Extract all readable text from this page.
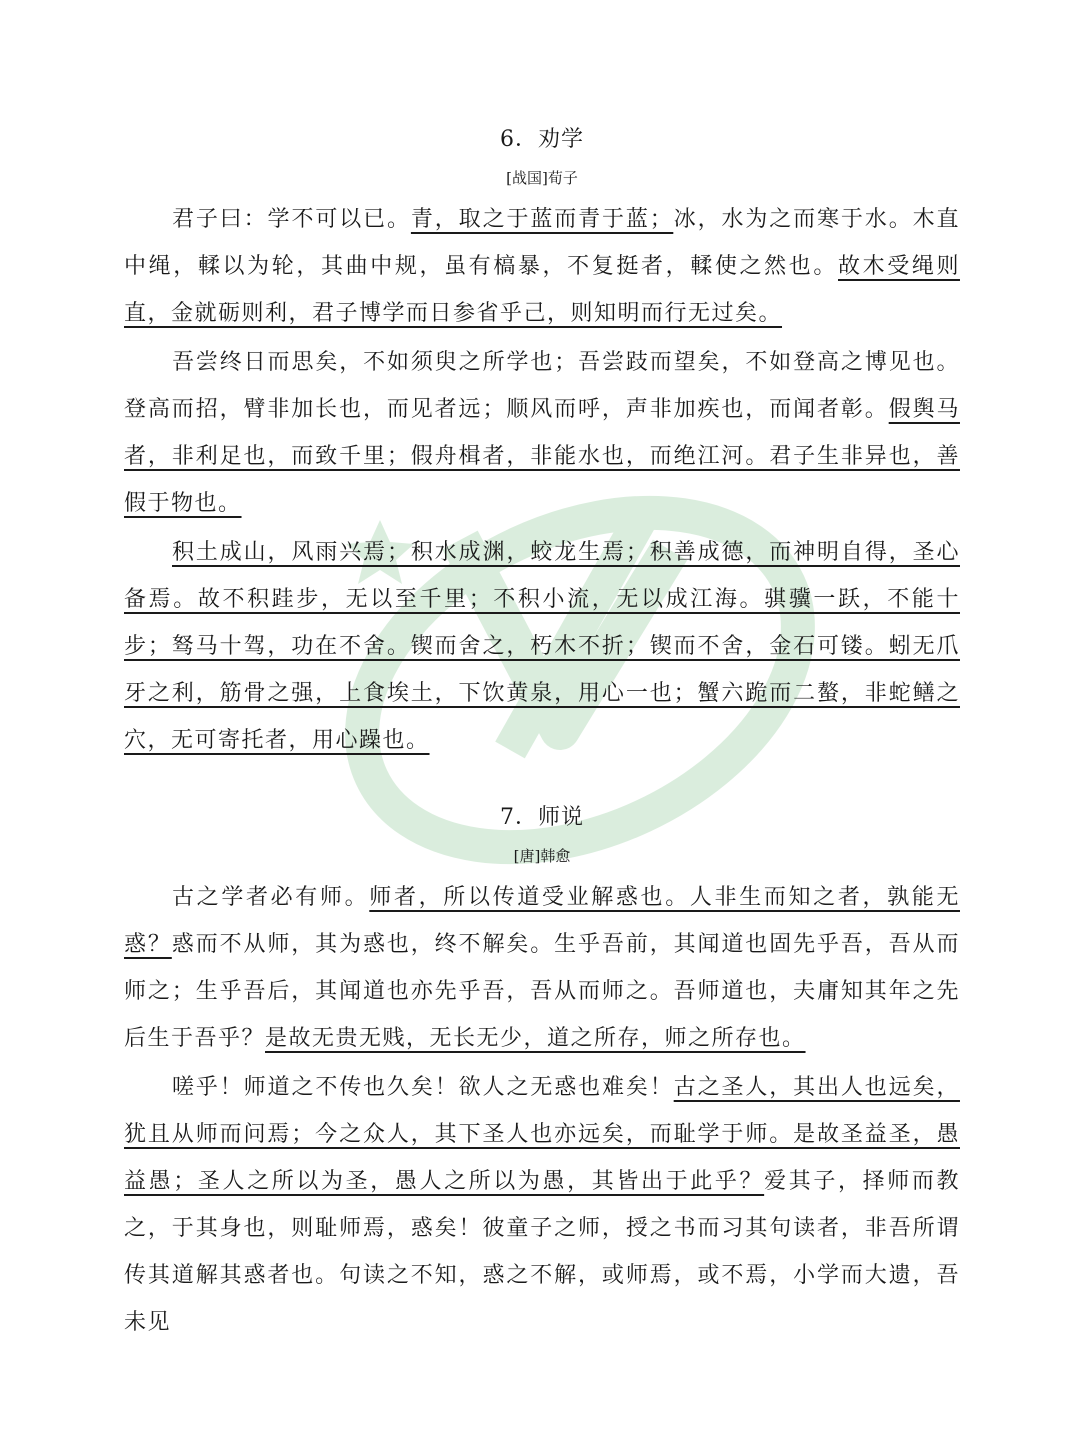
6．劝学
[战国]荀子

君子曰：学不可以已。青，取之于蓝而青于蓝；冰，水为之而寒于水。木直中绳，輮以为轮，其曲中规，虽有槁暴，不复挺者，輮使之然也。故木受绳则直，金就砺则利，君子博学而日参省乎己，则知明而行无过矣。

吾尝终日而思矣，不如须臾之所学也；吾尝跂而望矣，不如登高之博见也。登高而招，臂非加长也，而见者远；顺风而呼，声非加疾也，而闻者彰。假舆马者，非利足也，而致千里；假舟楫者，非能水也，而绝江河。君子生非异也，善假于物也。

积土成山，风雨兴焉；积水成渊，蛟龙生焉；积善成德，而神明自得，圣心备焉。故不积跬步，无以至千里；不积小流，无以成江海。骐骥一跃，不能十步；驽马十驾，功在不舍。锲而舍之，朽木不折；锲而不舍，金石可镂。蚓无爪牙之利，筋骨之强，上食埃土，下饮黄泉，用心一也；蟹六跪而二螯，非蛇鳝之穴，无可寄托者，用心躁也。

7．师说
[唐]韩愈

古之学者必有师。师者，所以传道受业解惑也。人非生而知之者，孰能无惑？惑而不从师，其为惑也，终不解矣。生乎吾前，其闻道也固先乎吾，吾从而师之；生乎吾后，其闻道也亦先乎吾，吾从而师之。吾师道也，夫庸知其年之先后生于吾乎？是故无贵无贱，无长无少，道之所存，师之所存也。

嗟乎！师道之不传也久矣！欲人之无惑也难矣！古之圣人，其出人也远矣，犹且从师而问焉；今之众人，其下圣人也亦远矣，而耻学于师。是故圣益圣，愚益愚；圣人之所以为圣，愚人之所以为愚，其皆出于此乎？爱其子，择师而教之，于其身也，则耻师焉，惑矣！彼童子之师，授之书而习其句读者，非吾所谓传其道解其惑者也。句读之不知，惑之不解，或师焉，或不焉，小学而大遗，吾未见
